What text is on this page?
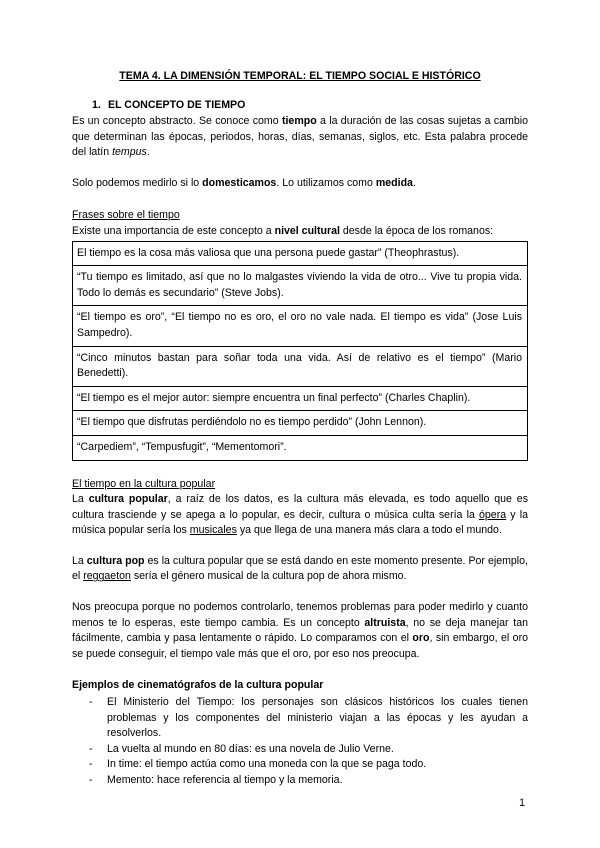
TEMA 4. LA DIMENSIÓN TEMPORAL: EL TIEMPO SOCIAL E HISTÓRICO
1. EL CONCEPTO DE TIEMPO

Es un concepto abstracto. Se conoce como tiempo a la duración de las cosas sujetas a cambio que determinan las épocas, periodos, horas, días, semanas, siglos, etc. Esta palabra procede del latín tempus.

Solo podemos medirlo si lo domesticamos. Lo utilizamos como medida.

Frases sobre el tiempo

Existe una importancia de este concepto a nivel cultural desde la época de los romanos:

El tiempo es la cosa más valiosa que una persona puede gastar” (Theophrastus).
“Tu tiempo es limitado, así que no lo malgastes viviendo la vida de otro... Vive tu propia vida. Todo lo demás es secundario” (Steve Jobs).
“El tiempo es oro”, “El tiempo no es oro, el oro no vale nada. El tiempo es vida” (Jose Luis Sampedro).
“Cinco minutos bastan para soñar toda una vida. Así de relativo es el tiempo” (Mario Benedetti).
“El tiempo es el mejor autor: siempre encuentra un final perfecto” (Charles Chaplin).
“El tiempo que disfrutas perdiéndolo no es tiempo perdido” (John Lennon).
“Carpediem”, “Tempusfugit”, “Mementomori”.

El tiempo en la cultura popular

La cultura popular, a raíz de los datos, es la cultura más elevada, es todo aquello que es cultura trasciende y se apega a lo popular, es decir, cultura o música culta sería la ópera y la música popular sería los musicales ya que llega de una manera más clara a todo el mundo.

La cultura pop es la cultura popular que se está dando en este momento presente. Por ejemplo, el reggaeton sería el género musical de la cultura pop de ahora mismo.

Nos preocupa porque no podemos controlarlo, tenemos problemas para poder medirlo y cuanto menos te lo esperas, este tiempo cambia. Es un concepto altruista, no se deja manejar tan fácilmente, cambia y pasa lentamente o rápido. Lo comparamos con el oro, sin embargo, el oro se puede conseguir, el tiempo vale más que el oro, por eso nos preocupa.

Ejemplos de cinematógrafos de la cultura popular

- El Ministerio del Tiempo: los personajes son clásicos históricos los cuales tienen problemas y los componentes del ministerio viajan a las épocas y les ayudan a resolverlos.
- La vuelta al mundo en 80 días: es una novela de Julio Verne.
- In time: el tiempo actúa como una moneda con la que se paga todo.
- Memento: hace referencia al tiempo y la memoria.
1
